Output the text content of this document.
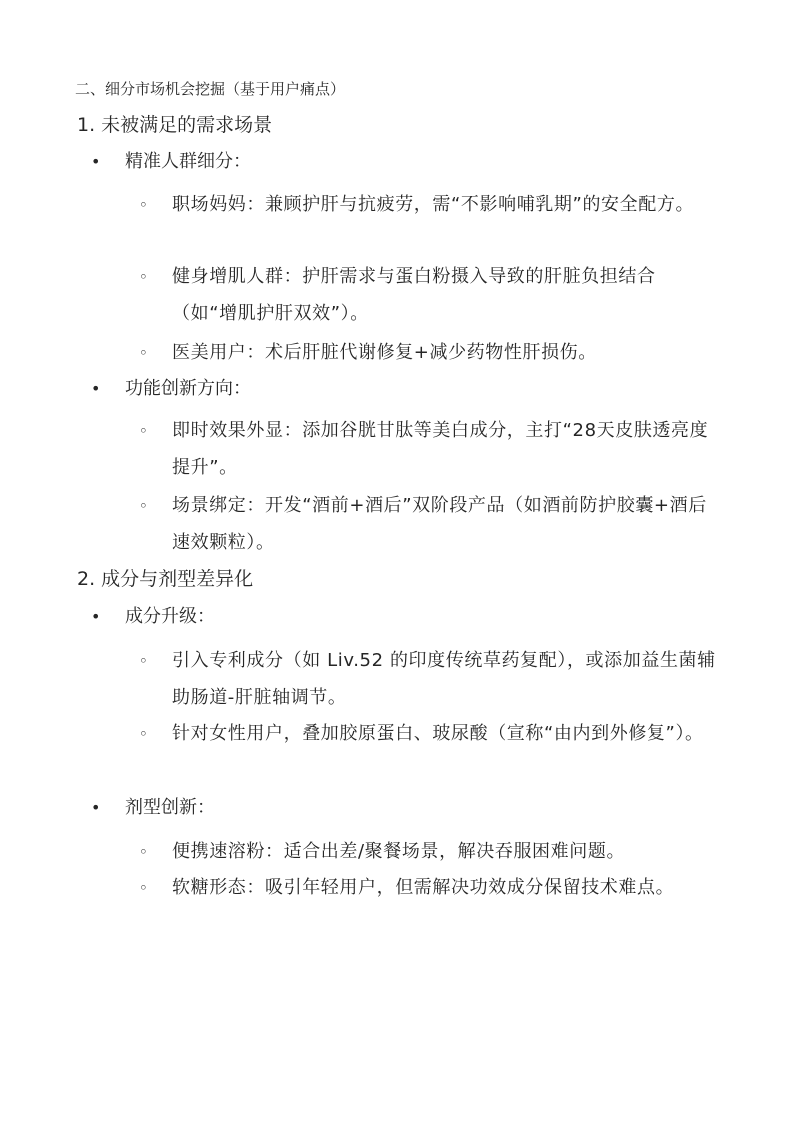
二、细分市场机会挖掘（基于用户痛点）
1. 未被满足的需求场景
• 精准人群细分：
◦ 职场妈妈：兼顾护肝与抗疲劳，需“不影响哺乳期”的安全配方。
◦ 健身增肌人群：护肝需求与蛋白粉摄入导致的肝脏负担结合（如“增肌护肝双效”）。
◦ 医美用户：术后肝脏代谢修复+减少药物性肝损伤。
• 功能创新方向：
◦ 即时效果外显：添加谷胱甘肽等美白成分，主打“28天皮肤透亮度提升”。
◦ 场景绑定：开发“酒前+酒后”双阶段产品（如酒前防护胶囊+酒后速效颗粒）。
2. 成分与剂型差异化
• 成分升级：
◦ 引入专利成分（如 Liv.52 的印度传统草药复配），或添加益生菌辅助肠道-肝脏轴调节。
◦ 针对女性用户，叠加胶原蛋白、玻尿酸（宣称“由内到外修复”）。
• 剂型创新：
◦ 便携速溶粉：适合出差/聚餐场景，解决吞服困难问题。
◦ 软糖形态：吸引年轻用户，但需解决功效成分保留技术难点。
